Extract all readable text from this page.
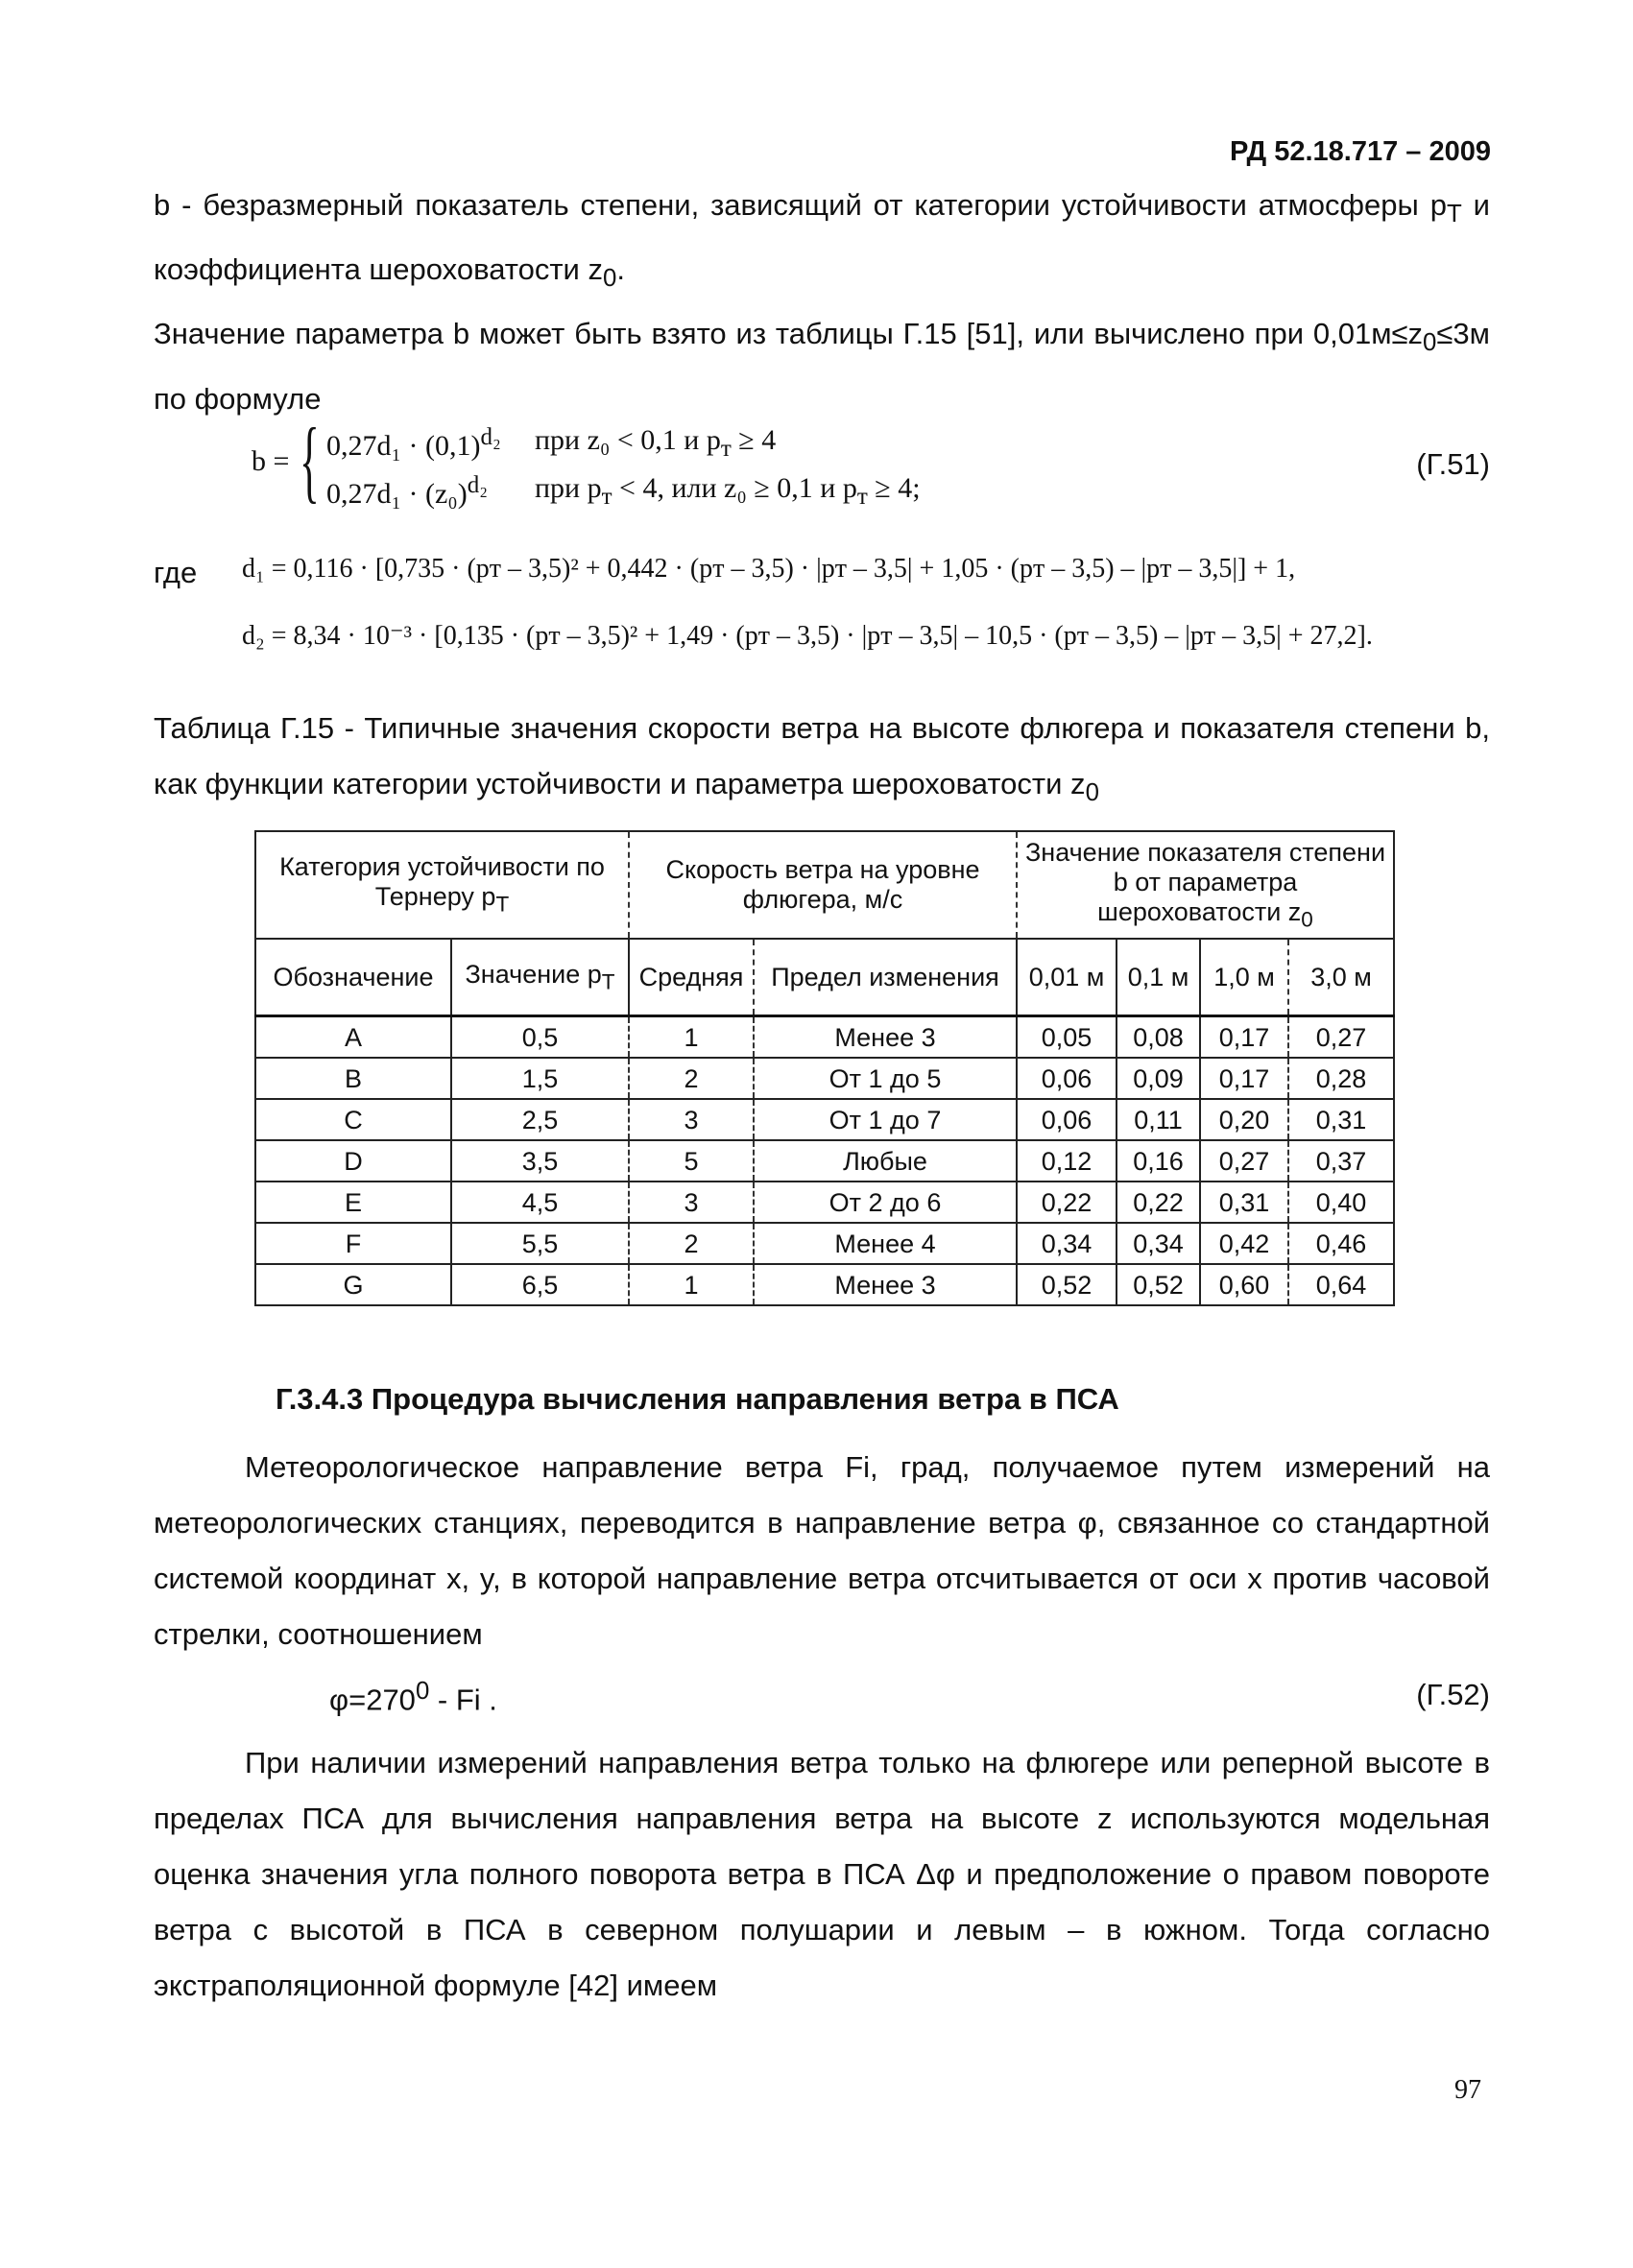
РД 52.18.717 – 2009

b - безразмерный показатель степени, зависящий от категории устойчивости атмосферы $p_T$ и коэффициента шероховатости $z_0$.

Значение параметра b может быть взято из таблицы Г.15 [51], или вычислено при $0,01м\le z_0\le 3м$ по формуле

b = { $0,27d_1 \cdot (0,1)^{d_2}$ при z₀ < 0,1 и $p_т \ge 4$
$0,27d_1 \cdot (z_0)^{d_2}$ при $p_т < 4$, или z₀ ≥ 0,1 и $p_т \ge 4$;
(Г.51)
где d₁ = 0,116 · [0,735 · (pт – 3,5)² + 0,442 · (pт – 3,5) · |pт – 3,5| + 1,05 · (pт – 3,5) – |pт – 3,5|] + 1,
d₂ = 8,34 · 10⁻³ · [0,135 · (pт – 3,5)² + 1,49 · (pт – 3,5) · |pт – 3,5| – 10,5 · (pт – 3,5) – |pт – 3,5| + 27,2].
Таблица Г.15 - Типичные значения скорости ветра на высоте флюгера и показателя степени b, как функции категории устойчивости и параметра шероховатости $z_0$
Категория устойчивости по Тернеру $p_T$		Скорость ветра на уровне флюгера, м/с		Значение показателя степени b от параметра шероховатости $z_0$
Обозначение	Значение $p_T$	Средняя	Предел изменения	0,01 м	0,1 м	1,0 м	3,0 м
A	0,5	1	Менее 3	0,05	0,08	0,17	0,27
B	1,5	2	От 1 до 5	0,06	0,09	0,17	0,28
C	2,5	3	От 1 до 7	0,06	0,11	0,20	0,31
D	3,5	5	Любые	0,12	0,16	0,27	0,37
E	4,5	3	От 2 до 6	0,22	0,22	0,31	0,40
F	5,5	2	Менее 4	0,34	0,34	0,42	0,46
G	6,5	1	Менее 3	0,52	0,52	0,60	0,64
Г.3.4.3 Процедура вычисления направления ветра в ПСА

Метеорологическое направление ветра Fi, град, получаемое путем измерений на метеорологических станциях, переводится в направление ветра φ, связанное со стандартной системой координат x, y, в которой направление ветра отсчитывается от оси x против часовой стрелки, соотношением

$\varphi=270^0 - Fi$ .	(Г.52)

При наличии измерений направления ветра только на флюгере или реперной высоте в пределах ПСА для вычисления направления ветра на высоте z используются модельная оценка значения угла полного поворота ветра в ПСА Δφ и предположение о правом повороте ветра с высотой в ПСА в северном полушарии и левым – в южном. Тогда согласно экстраполяционной формуле [42] имеем

97
